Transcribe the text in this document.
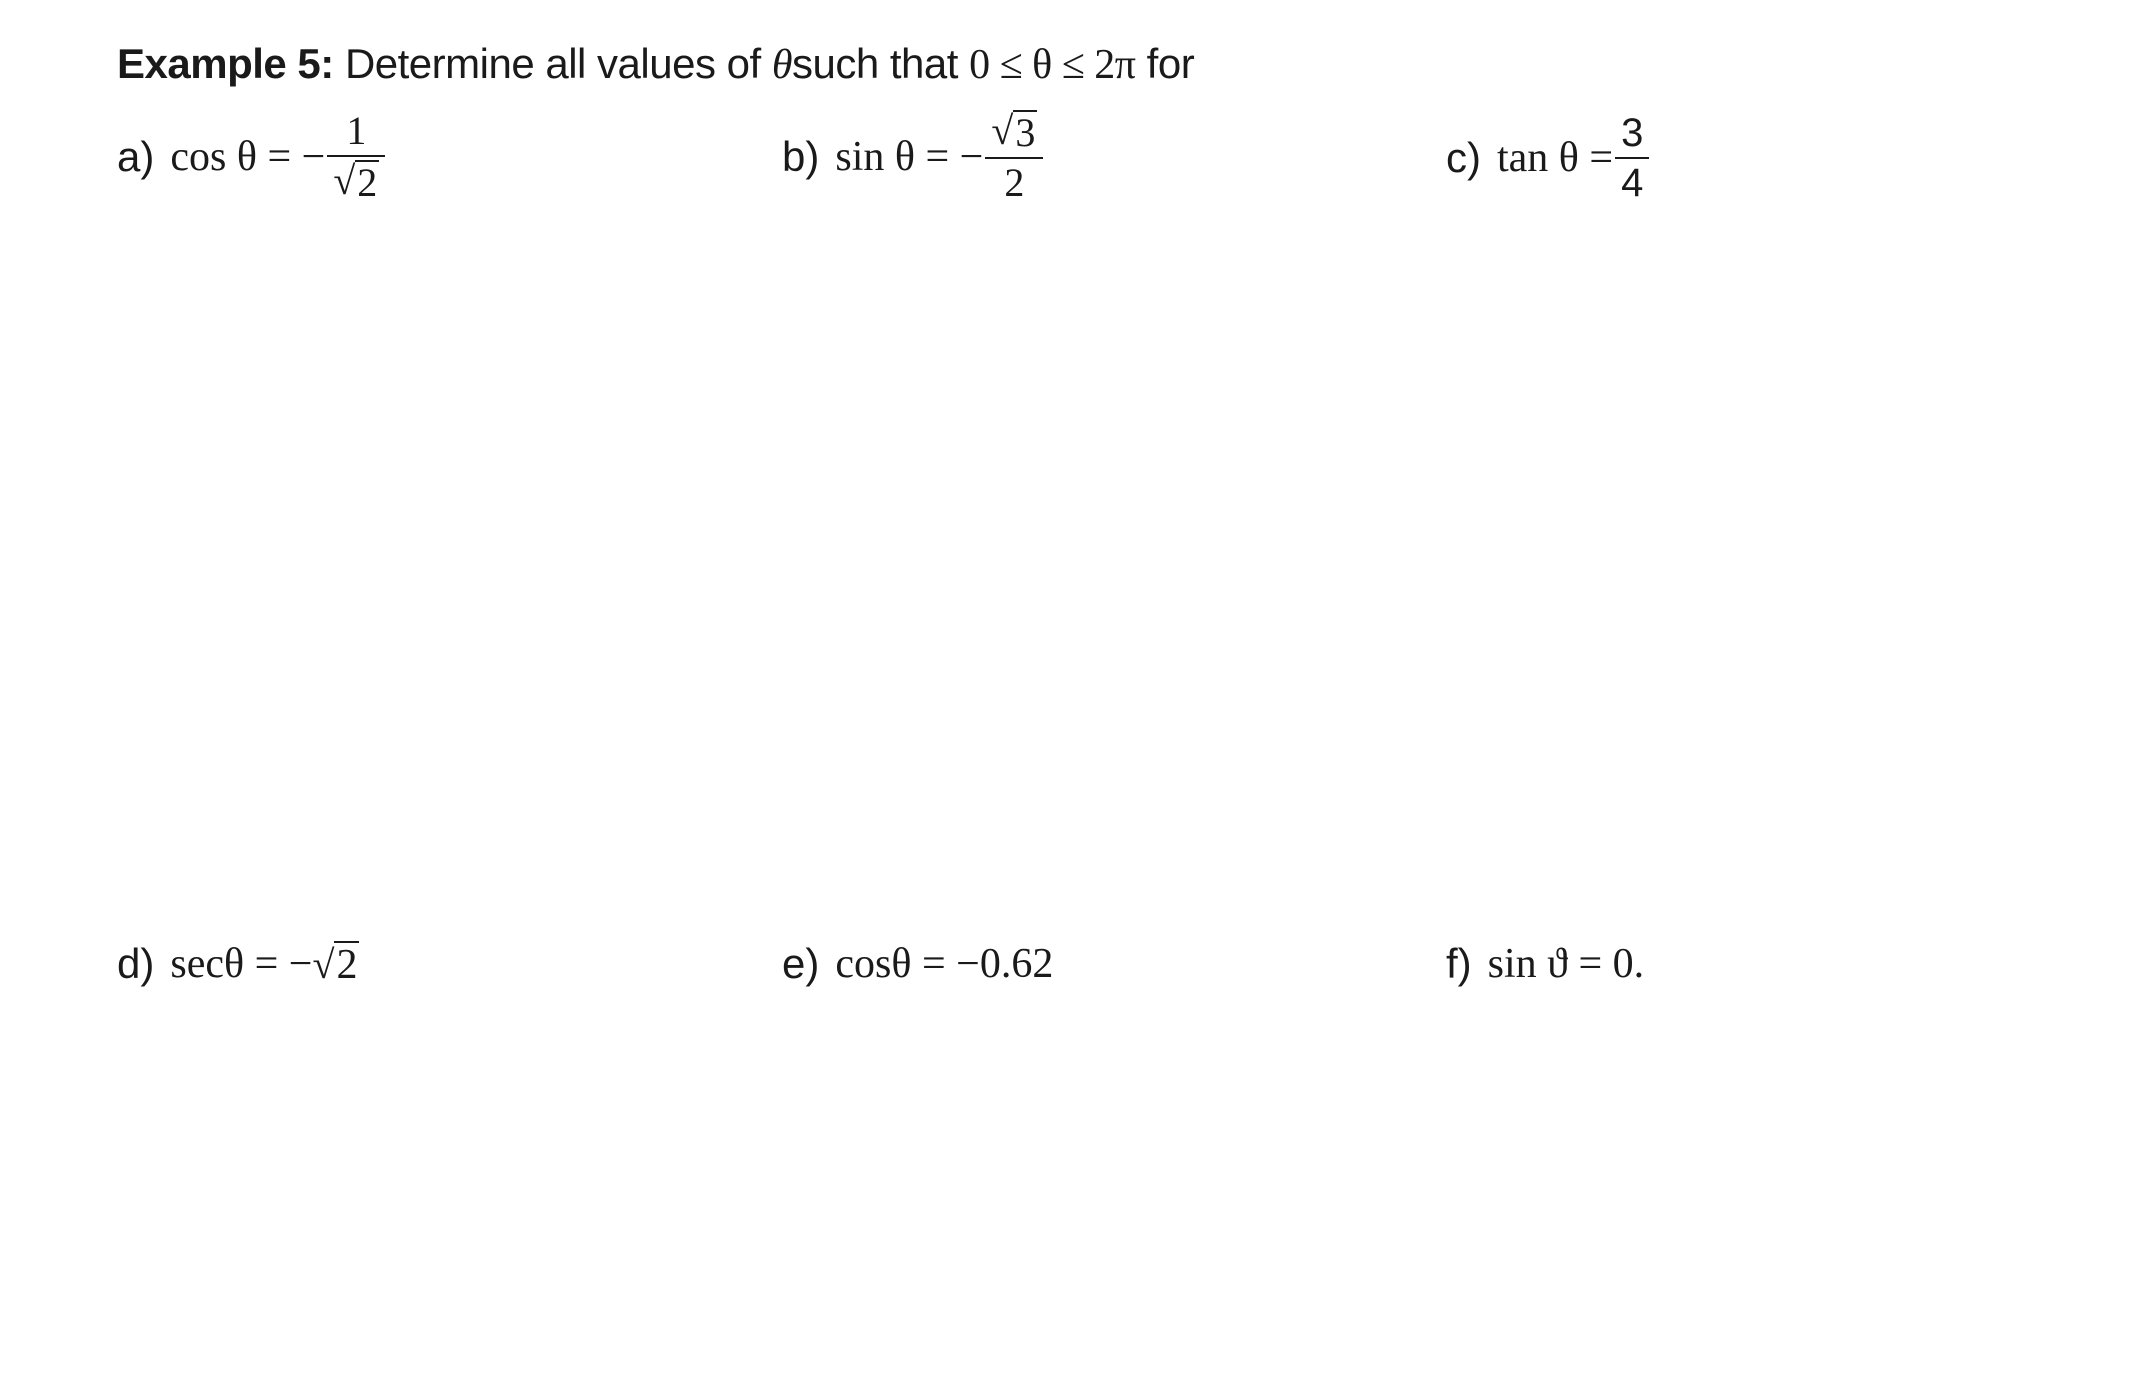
Example 5: Determine all values of θsuch that 0 ≤ θ ≤ 2π for
a) cos θ = − $\frac{1}{√ 2}$	b) sin θ = − $\frac{√ 3}{2}$	c) $\tan \theta = \frac{3}{4}$
d) secθ = − √ 2	e) cosθ = −0.62	f) sin ϑ = 0.
